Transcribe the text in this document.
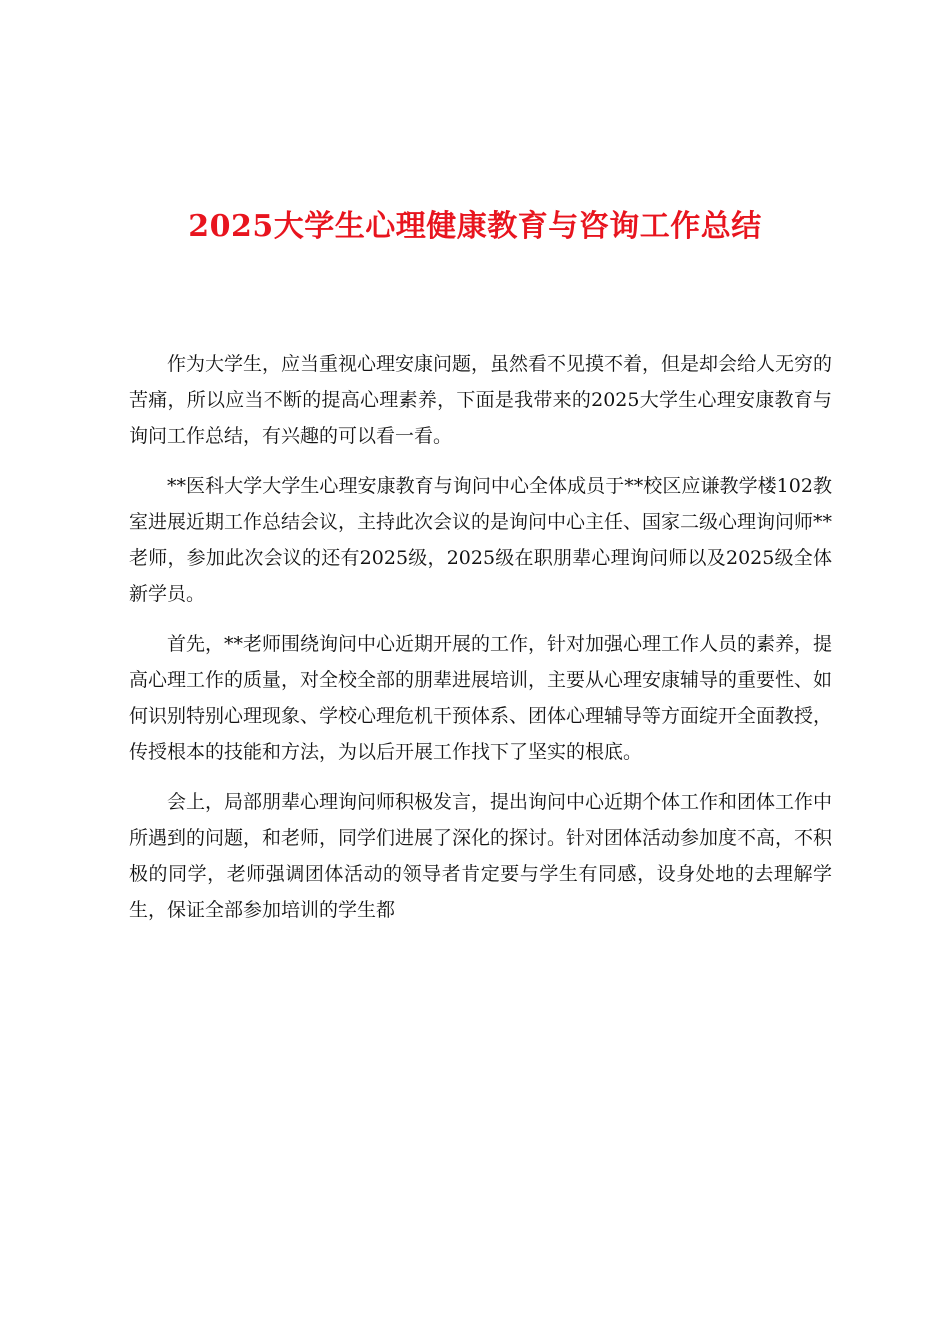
2025大学生心理健康教育与咨询工作总结

作为大学生，应当重视心理安康问题，虽然看不见摸不着，但是却会给人无穷的苦痛，所以应当不断的提高心理素养，下面是我带来的2025大学生心理安康教育与询问工作总结，有兴趣的可以看一看。

**医科大学大学生心理安康教育与询问中心全体成员于**校区应谦教学楼102教室进展近期工作总结会议，主持此次会议的是询问中心主任、国家二级心理询问师**老师，参加此次会议的还有2025级，2025级在职朋辈心理询问师以及2025级全体新学员。

首先，**老师围绕询问中心近期开展的工作，针对加强心理工作人员的素养，提高心理工作的质量，对全校全部的朋辈进展培训，主要从心理安康辅导的重要性、如何识别特别心理现象、学校心理危机干预体系、团体心理辅导等方面绽开全面教授，传授根本的技能和方法，为以后开展工作找下了坚实的根底。

会上，局部朋辈心理询问师积极发言，提出询问中心近期个体工作和团体工作中所遇到的问题，和老师，同学们进展了深化的探讨。针对团体活动参加度不高，不积极的同学，老师强调团体活动的领导者肯定要与学生有同感，设身处地的去理解学生，保证全部参加培训的学生都
